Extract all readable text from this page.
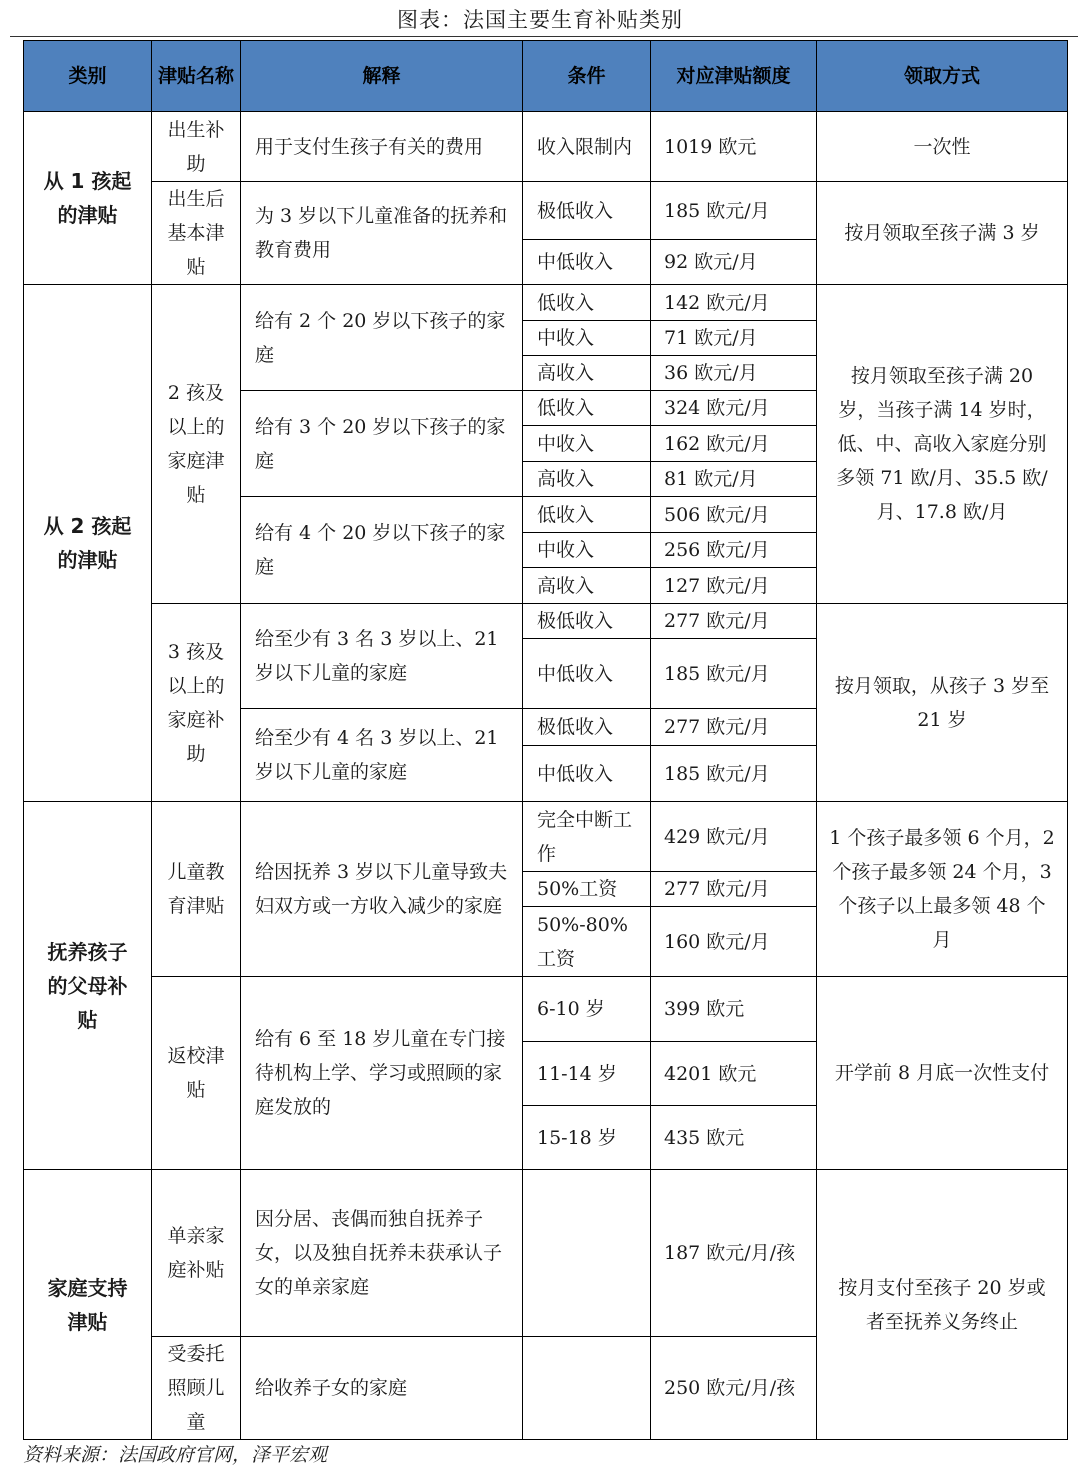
图表：法国主要生育补贴类别
类别	津贴名称	解释	条件	对应津贴额度	领取方式
从 1 孩起的津贴	出生补助	用于支付生孩子有关的费用	收入限制内	1019 欧元	一次性
	出生后基本津贴	为 3 岁以下儿童准备的抚养和教育费用	极低收入	185 欧元/月	按月领取至孩子满 3 岁
			中低收入	92 欧元/月	
从 2 孩起的津贴	2 孩及以上的家庭津贴	给有 2 个 20 岁以下孩子的家庭	低收入	142 欧元/月	按月领取至孩子满 20 岁，当孩子满 14 岁时，低、中、高收入家庭分别多领 71 欧/月、35.5 欧/月、17.8 欧/月
			中收入	71 欧元/月	
			高收入	36 欧元/月	
		给有 3 个 20 岁以下孩子的家庭	低收入	324 欧元/月	
			中收入	162 欧元/月	
			高收入	81 欧元/月	
		给有 4 个 20 岁以下孩子的家庭	低收入	506 欧元/月	
			中收入	256 欧元/月	
			高收入	127 欧元/月	
	3 孩及以上的家庭补助	给至少有 3 名 3 岁以上、21 岁以下儿童的家庭	极低收入	277 欧元/月	按月领取，从孩子 3 岁至 21 岁
			中低收入	185 欧元/月	
		给至少有 4 名 3 岁以上、21 岁以下儿童的家庭	极低收入	277 欧元/月	
			中低收入	185 欧元/月	
抚养孩子的父母补贴	儿童教育津贴	给因抚养 3 岁以下儿童导致夫妇双方或一方收入减少的家庭	完全中断工作	429 欧元/月	1 个孩子最多领 6 个月，2 个孩子最多领 24 个月，3 个孩子以上最多领 48 个月
			50%工资	277 欧元/月	
			50%-80% 工资	160 欧元/月	
	返校津贴	给有 6 至 18 岁儿童在专门接待机构上学、学习或照顾的家庭发放的	6-10 岁	399 欧元	开学前 8 月底一次性支付
			11-14 岁	4201 欧元	
			15-18 岁	435 欧元	
家庭支持津贴	单亲家庭补贴	因分居、丧偶而独自抚养子女，以及独自抚养未获承认子女的单亲家庭		187 欧元/月/孩	按月支付至孩子 20 岁或者至抚养义务终止
	受委托照顾儿童	给收养子女的家庭		250 欧元/月/孩	
资料来源：法国政府官网，泽平宏观
